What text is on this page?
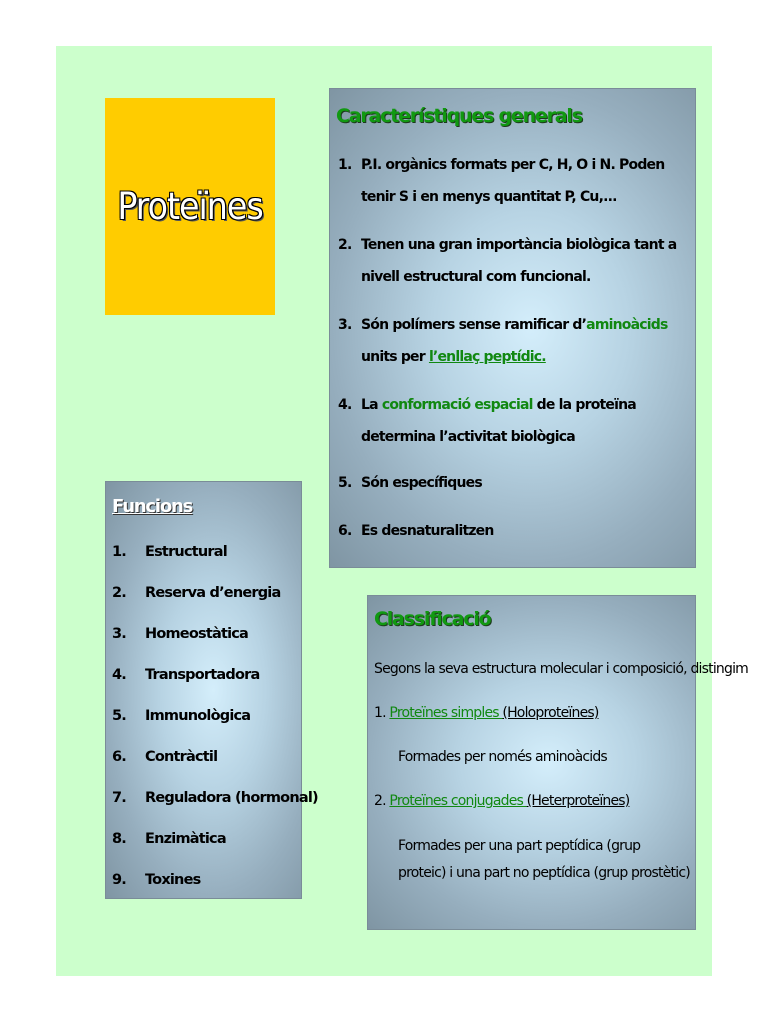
Proteïnes
Característiques generals
1. P.I. orgànics formats per C, H, O i N. Poden tenir S i en menys quantitat P, Cu,...
2. Tenen una gran importància biològica tant a nivell estructural com funcional.
3. Són polímers sense ramificar d’aminoàcids units per l’enllaç peptídic.
4. La conformació espacial de la proteïna determina l’activitat biològica
5. Són específiques
6. Es desnaturalitzen
Funcions
1. Estructural
2. Reserva d’energia
3. Homeostàtica
4. Transportadora
5. Immunològica
6. Contràctil
7. Reguladora (hormonal)
8. Enzimàtica
9. Toxines
Classificació
Segons la seva estructura molecular i composició, distingim
1. Proteïnes simples (Holoproteïnes)
Formades per només aminoàcids
2. Proteïnes conjugades (Heterproteïnes)
Formades per una part peptídica (grup proteic) i una part no peptídica (grup prostètic)
